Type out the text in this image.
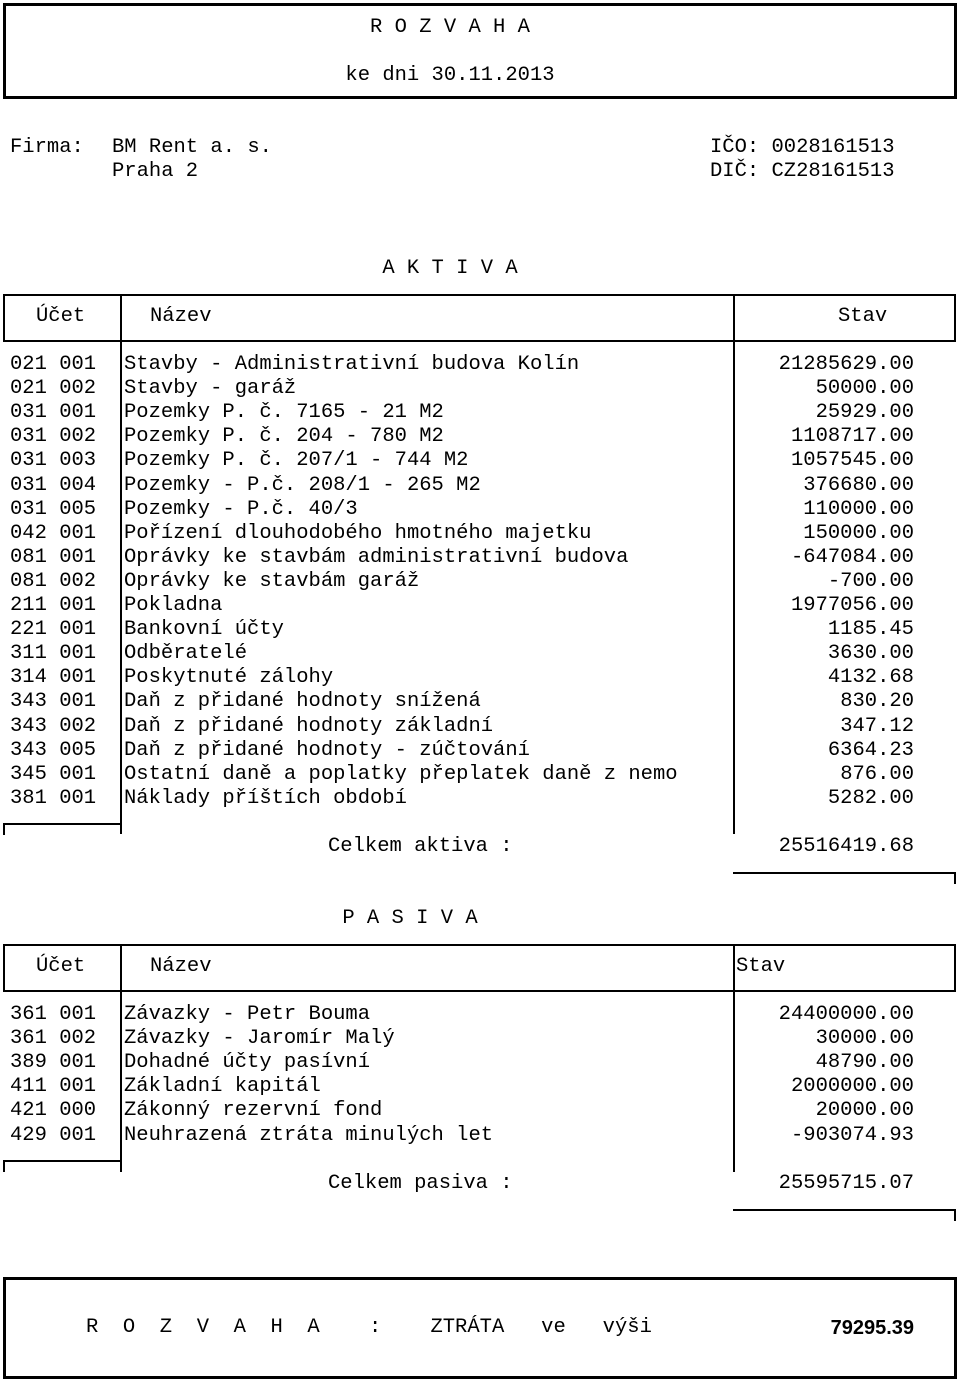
R O Z V A H A
ke dni 30.11.2013
Firma: BM Rent a. s.
Praha 2
IČO: 0028161513
DIČ: CZ28161513
A K T I V A
Účet	Název	Stav
021 001 Stavby - Administrativní budova Kolín	21285629.00
021 002 Stavby - garáž	50000.00
031 001 Pozemky P. č. 7165 - 21 M2	25929.00
031 002 Pozemky P. č. 204 - 780 M2	1108717.00
031 003 Pozemky P. č. 207/1 - 744 M2	1057545.00
031 004 Pozemky - P.č. 208/1 - 265 M2	376680.00
031 005 Pozemky - P.č. 40/3	110000.00
042 001 Pořízení dlouhodobého hmotného majetku	150000.00
081 001 Oprávky ke stavbám administrativní budova	-647084.00
081 002 Oprávky ke stavbám garáž	-700.00
211 001 Pokladna	1977056.00
221 001 Bankovní účty	1185.45
311 001 Odběratelé	3630.00
314 001 Poskytnuté zálohy	4132.68
343 001 Daň z přidané hodnoty snížená	830.20
343 002 Daň z přidané hodnoty základní	347.12
343 005 Daň z přidané hodnoty - zúčtování	6364.23
345 001 Ostatní daně a poplatky přeplatek daně z nemo	876.00
381 001 Náklady příštích období	5282.00
Celkem aktiva :	25516419.68
P A S I V A
Účet	Název	Stav
361 001 Závazky - Petr Bouma	24400000.00
361 002 Závazky - Jaromír Malý	30000.00
389 001 Dohadné účty pasívní	48790.00
411 001 Základní kapitál	2000000.00
421 000 Zákonný rezervní fond	20000.00
429 001 Neuhrazená ztráta minulých let	-903074.93
Celkem pasiva :	25595715.07
R  O  Z  V  A  H  A    :    ZTRÁTA   ve   výši	79295.39
